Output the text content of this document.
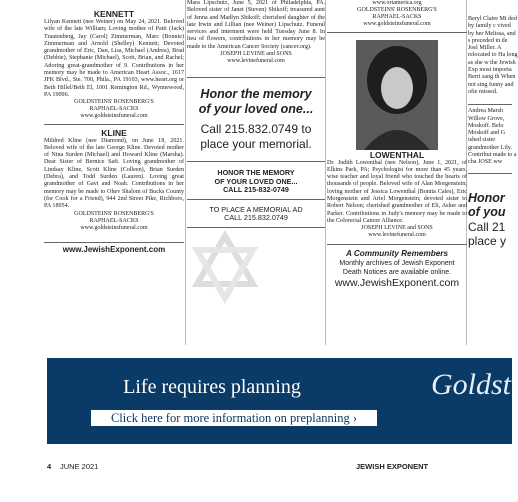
KENNETT
Lilyan Kennett (nee Weiner) on May 24, 2021. Beloved wife of the late William; Loving mother of Patti (Jack) Trautenberg, Jay (Carol) Zimmerman, Marc (Bonnie) Zimmerman and Arnold (Shelley) Kennett; Devoted grandmother of Eric, Dan, Lisa, Michael (Andrea), Brad (Debbie), Stephanie (Michael), Scott, Brian, and Rachel; Adoring great-grandmother of 9. Contributions in her memory may be made to American Heart Assoc., 1617 JFK Blvd., Ste. 700, Phila., PA 19103, www.heart.org or Beth Hillel/Beth El, 1001 Remington Rd., Wynnewood, PA 19096.
GOLDSTEINS' ROSENBERG'S
RAPHAEL-SACKS
www.goldsteinsfuneral.com
KLINE
Mildred Kline (nee Diamond), on June 18, 2021. Beloved wife of the late George Kline. Devoted mother of Nina Surden (Michael) and Howard Kline (Marsha). Dear Sister of Bernice Saft. Loving grandmother of Lindsay Kline, Scott Kline (Colleen), Brian Surden (Debra), and Todd Surden (Lauren). Loving great grandmother of Gavi and Noah. Contributions in her memory may be made to Ohev Shalom of Bucks County (for Cook for a Friend), 944 2nd Street Pike, Richboro, PA 18954.
GOLDSTEINS' ROSENBERG'S
RAPHAEL-SACKS
www.goldsteinsfuneral.com
www.JewishExponent.com
Mara Lipschutz, June 5, 2021 of Philadelphia, PA. Beloved sister of Janet (Steven) Shikoff; treasured aunt of Jenna and Madlyn Shikoff; cherished daughter of the late Irwin and Lillian (nee Weiner) Lipschutz. Funeral services and interment were held Tuesday June 8. In lieu of flowers, contributions in her memory may be made to the American Cancer Society (cancer.org).
JOSEPH LEVINE and SONS
www.levinefuneral.com
Honor the memory
of your loved one...
Call 215.832.0749 to
place your memorial.
HONOR THE MEMORY
OF YOUR LOVED ONE...
CALL 215-832-0749
TO PLACE A MEMORIAL AD
CALL 215.832.0749
www.ortamerica.org
GOLDSTEINS' ROSENBERG'S
RAPHAEL-SACKS
www.goldsteinsfuneral.com
LOWENTHAL
Dr. Judith Lowenthal (nee Nelson), June 1, 2021, of Elkins Park, PA; Psychologist for more than 45 years, wise teacher and loyal friend who touched the hearts of thousands of people. Beloved wife of Alan Morgenstein; loving mother of Jessica Lowenthal (Bonita Cales), Eric Morgenstein and Ariel Morgenstein; devoted sister to Robert Nelson; cherished grandmother of Eli, Asher and Parker. Contributions in Judy's memory may be made to the Colorectal Cancer Alliance.
JOSEPH LEVINE and SONS
www.levinefuneral.com
A Community Remembers
Monthly archives of Jewish Exponent
Death Notices are available online.
www.JewishExponent.com
Beryl Claire Mi ded by family c vived by her Melissa, and s preceded in de Joel Miller. A relocated to Ha long as she w the Jewish Exp most importa Berri sang th When not sing funny and ofte missed.
Andrea Marsh Willow Grove, Moskoff. Belo Moskoff and G ished sister grandmother Lily. Contribut made to a cha JOSE ww
Honor
of you
Call 21
place y
Life requires planning
Click here for more information on preplanning ›
Goldst
4 JUNE 2021	JEWISH EXPONENT
